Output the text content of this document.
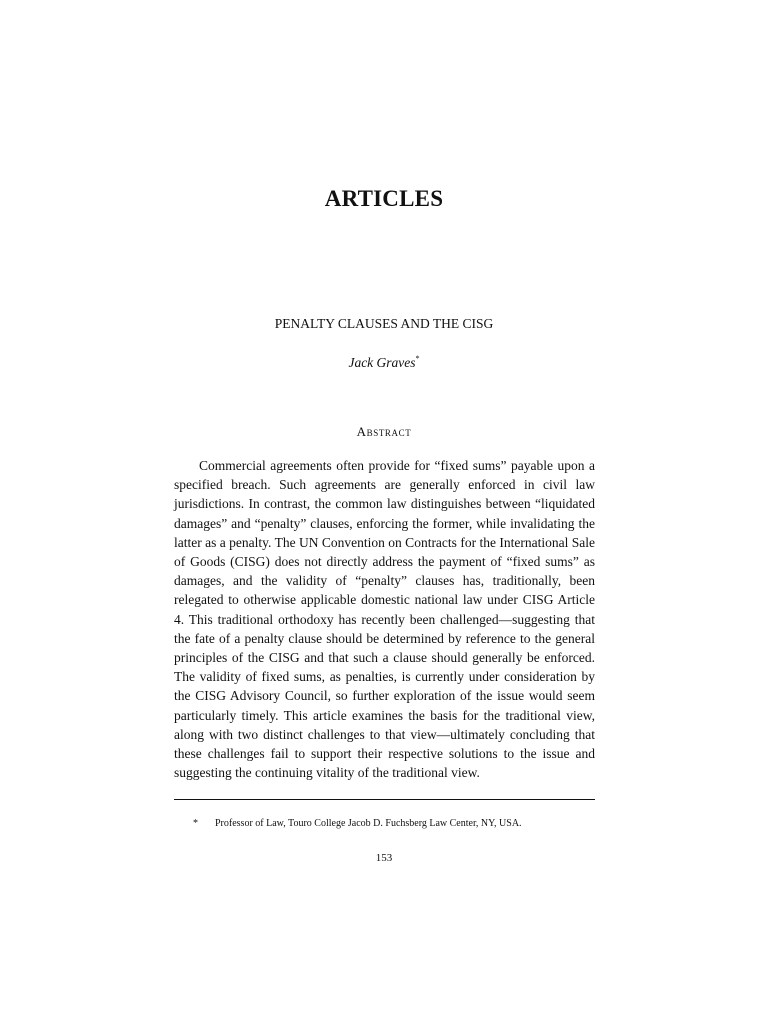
ARTICLES
PENALTY CLAUSES AND THE CISG
Jack Graves*
Abstract

Commercial agreements often provide for “fixed sums” payable upon a specified breach. Such agreements are generally enforced in civil law jurisdictions. In contrast, the common law distinguishes between “liquidated damages” and “penalty” clauses, enforcing the former, while invalidating the latter as a penalty. The UN Convention on Contracts for the International Sale of Goods (CISG) does not directly address the payment of “fixed sums” as damages, and the validity of “penalty” clauses has, traditionally, been relegated to otherwise applicable domestic national law under CISG Article 4. This traditional orthodoxy has recently been challenged—suggesting that the fate of a penalty clause should be determined by reference to the general principles of the CISG and that such a clause should generally be enforced. The validity of fixed sums, as penalties, is currently under consideration by the CISG Advisory Council, so further exploration of the issue would seem particularly timely. This article examines the basis for the traditional view, along with two distinct challenges to that view—ultimately concluding that these challenges fail to support their respective solutions to the issue and suggesting the continuing vitality of the traditional view.

* Professor of Law, Touro College Jacob D. Fuchsberg Law Center, NY, USA.
153
